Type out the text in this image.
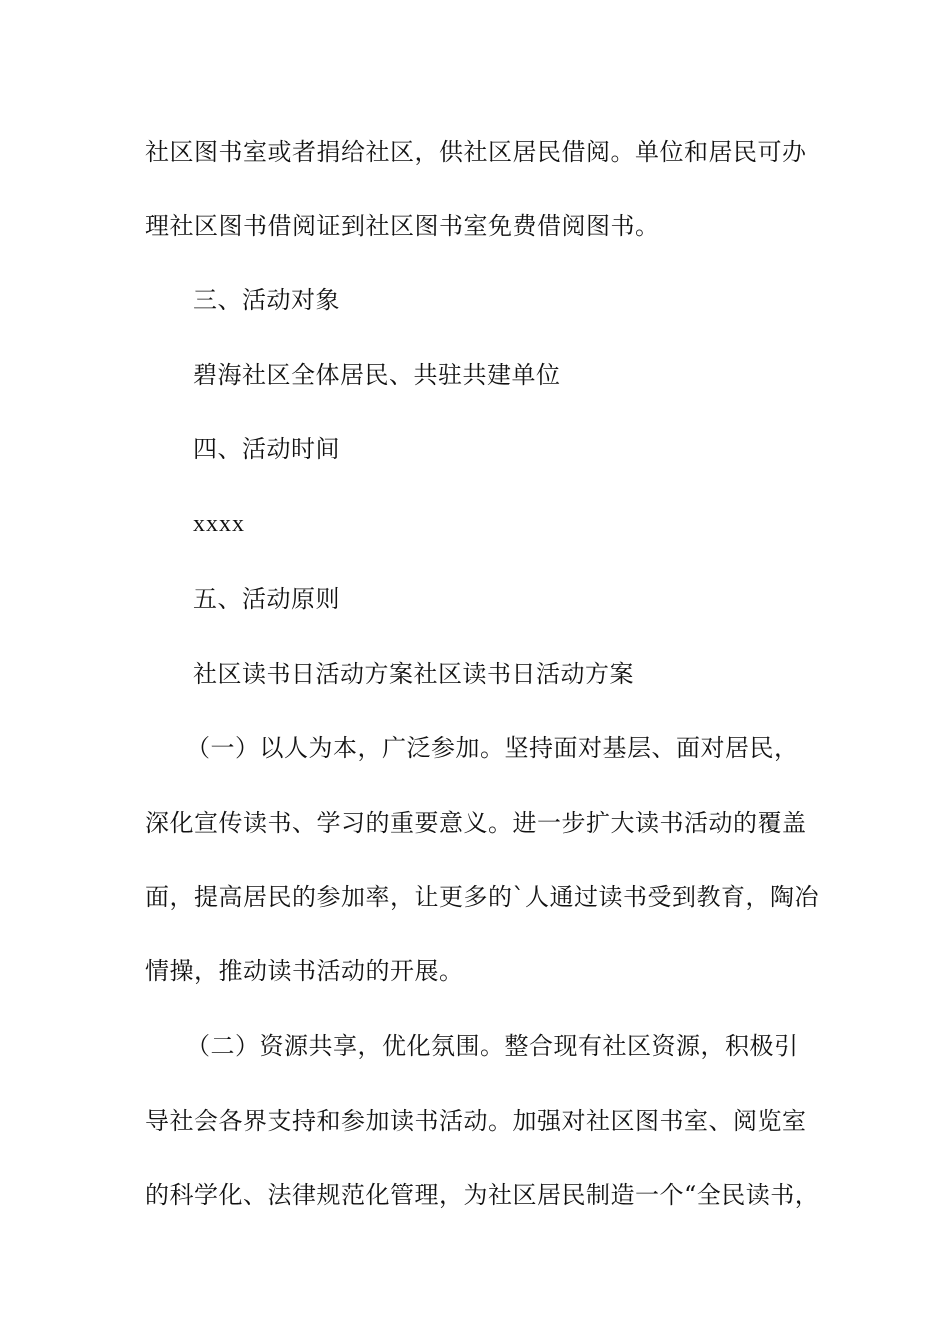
社区图书室或者捐给社区，供社区居民借阅。单位和居民可办
理社区图书借阅证到社区图书室免费借阅图书。
三、活动对象
碧海社区全体居民、共驻共建单位
四、活动时间
xxxx
五、活动原则
社区读书日活动方案社区读书日活动方案
（一）以人为本，广泛参加。坚持面对基层、面对居民，
深化宣传读书、学习的重要意义。进一步扩大读书活动的覆盖
面，提高居民的参加率，让更多的`人通过读书受到教育，陶冶
情操，推动读书活动的开展。
（二）资源共享，优化氛围。整合现有社区资源，积极引
导社会各界支持和参加读书活动。加强对社区图书室、阅览室
的科学化、法律规范化管理，为社区居民制造一个“全民读书，
